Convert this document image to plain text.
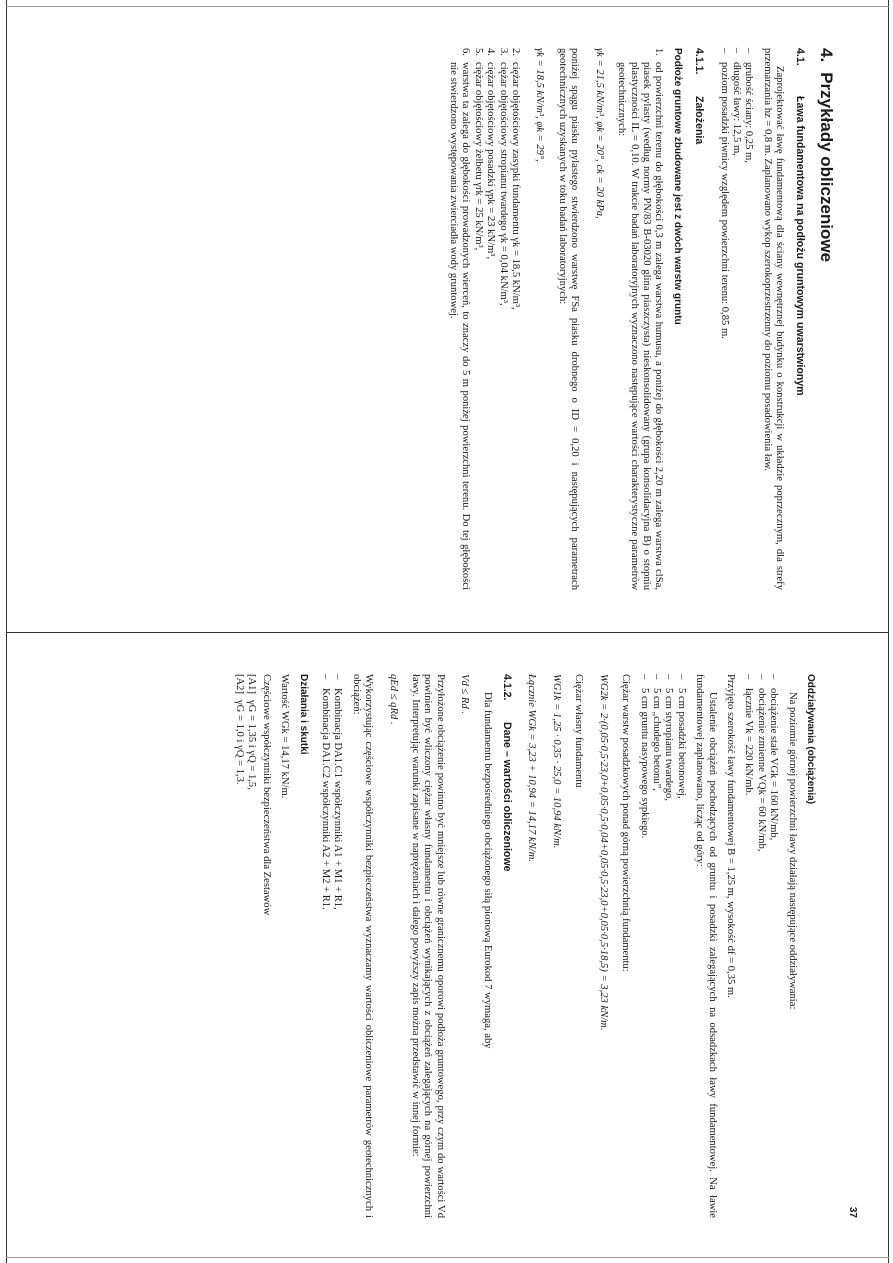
4.Przykłady obliczeniowe
4.1.
Ława fundamentowa na podłożu gruntowym uwarstwionym

Zaprojektować ławę fundamentową dla ściany wewnętrznej budynku o konstrukcji w układzie poprzecznym, dla strefy przemarzania hz = 0,8 m. Zaplanowano wykop szerokoprzestrzenny do poziomu posadowienia ław.

– grubość ściany: 0,25 m,
– długość ławy: 12,5 m,
– poziom posadzki piwnicy względem powierzchni terenu: 0,85 m.
4.1.1.
Założenia
Podłoże gruntowe zbudowane jest z dwóch warstw gruntu
1.
od powierzchni terenu do głębokości 0,3 m zalega warstwa humusu, a poniżej do głębokości 2,20 m zalega warstwa clSa, piasek pylasty (według normy PN/83 B-03020 glina piaszczysta) nieskonsolidowany (grupa konsolidacyjna B) o stopniu plastyczności IL = 0,10. W trakcie badań laboratoryjnych wyznaczono następujące wartości charakterystyczne parametrów geotechnicznych:
γk = 21,5 kN/m³, φk = 20°, ck = 20 kPa,

poniżej spągu piasku pylastego stwierdzono warstwę FSa piasku drobnego o ID = 0,20 i następujących parametrach geotechnicznych uzyskanych w toku badań laboratoryjnych:

γk = 18,5 kN/m³, φk = 29°,
2.
ciężar objętościowy zasypki fundamentu γk = 18,5 kN/m³,
3.
ciężar objętościowy stropianu twardego γk = 0,04 kN/m³,
4.
ciężar objętościowy posadzki γpk = 23 kN/m³,
5.
ciężar objętościowy żelbetu γrk = 25 kN/m³,
6.
warstwa ta zalega do głębokości prowadzonych wierceń, to znaczy do 5 m poniżej powierzchni terenu. Do tej głębokości nie stwierdzono występowania zwierciadła wody gruntowej.
37
Oddziaływania (obciążenia)

Na poziomie górnej powierzchni ławy działają następujące oddziaływania:

– obciążenie stałe VGk = 160 kN/mb,
– obciążenie zmienne VQk = 60 kN/mb,
– łącznie Vk = 220 kN/mb.

Przyjęto szerokość ławy fundamentowej B = 1,25 m, wysokość df = 0,35 m.

Ustalenie obciążeń pochodzących od gruntu i posadzki zalegających na odsadzkach ławy fundamentowej. Na ławie fundamentowej zaplanowano, licząc od góry:

– 5 cm posadzki betonowej,
– 5 cm styropianu twardego,
– 5 cm „chudego betonu”,
– 5 cm gruntu nasypowego sypkiego.

Ciężar warstw posadzkowych ponad górną powierzchnią fundamentu:

WG2k = 2·(0,05·0,5·23,0+0,05·0,5·0,04+0,05·0,5·23,0+0,05·0,5·18,5) = 3,23 kN/m.

Ciężar własny fundamentu

WG1k = 1,25 · 0,35 · 25,0 = 10,94 kN/m.
Łącznie WGk = 3,23 + 10,94 = 14,17 kN/m.
4.1.2.
Dane – wartości obliczeniowe

Dla fundamentu bezpośredniego obciążonego siłą pionową Eurokod 7 wymaga, aby

Vd ≤ Rd .

Przyłożone obciążenie powinno być mniejsze lub równe granicznemu oporowi podłoża gruntowego, przy czym do wartości Vd powinien być wliczony ciężar własny fundamentu i obciążeń wynikających z obciążeń zalegających na górnej powierzchni ławy. Interpretując warunki zapisane w naprężeniach i dalego powyższy zapis można przedstawić w innej formie:

qEd ≤ qRd .

Wykorzystując częściowe współczynniki bezpieczeństwa wyznaczamy wartości obliczeniowe parametrów geotechnicznych i obciążeń:

– Kombinacja DA1.C1 współczynniki A1 + M1 + R1,
– Kombinacja DA1.C2 współczynniki A2 + M2 + R1.
Działania i skutki

Wartość WGk = 14,17 kN/m.

Częściowe współczynniki bezpieczeństwa dla Zestawów

[A1]
γG = 1,35 i γQ = 1,5,
[A2]
γG = 1,0 i γQ = 1,3.
